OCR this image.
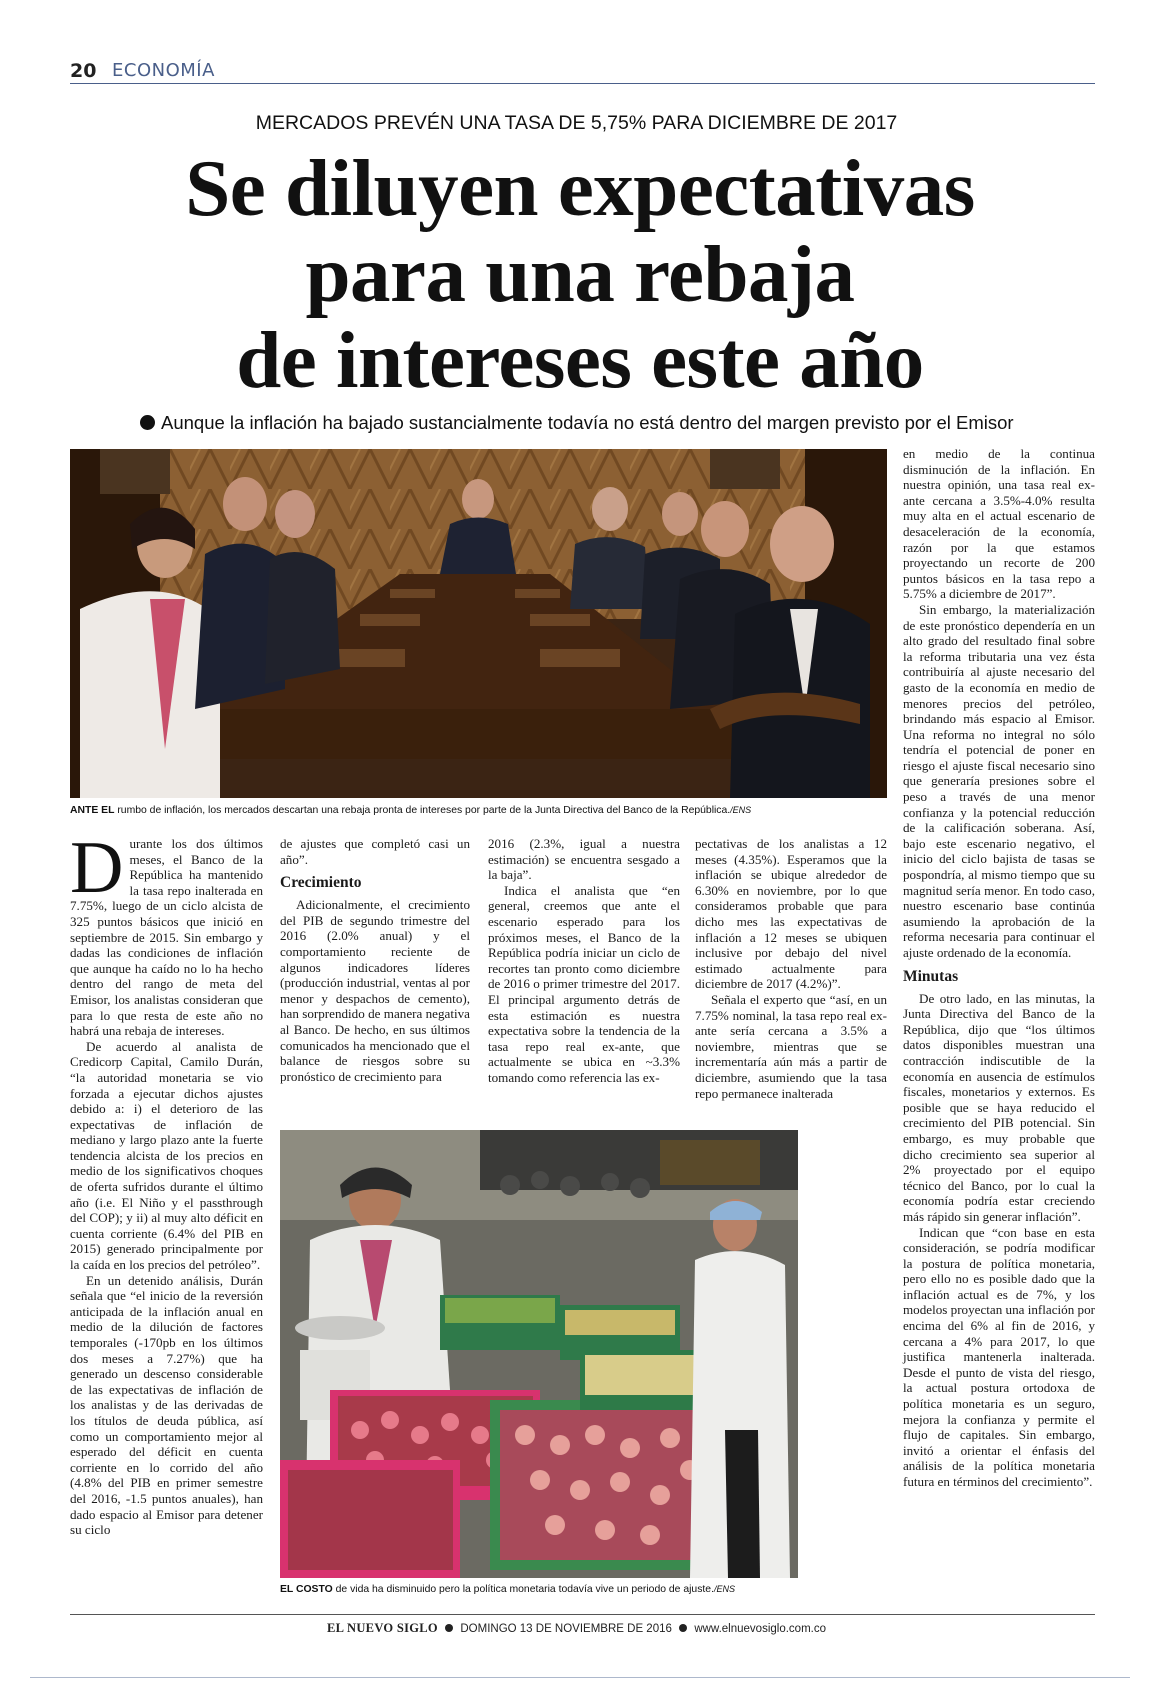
20 ECONOMÍA
MERCADOS PREVÉN UNA TASA DE 5,75% PARA DICIEMBRE DE 2017
Se diluyen expectativas
para una rebaja
de intereses este año
Aunque la inflación ha bajado sustancialmente todavía no está dentro del margen previsto por el Emisor
ANTE EL rumbo de inflación, los mercados descartan una rebaja pronta de intereses por parte de la Junta Directiva del Banco de la República./ENS

Durante los dos últimos meses, el Banco de la República ha mantenido la tasa repo inalterada en 7.75%, luego de un ciclo alcista de 325 puntos básicos que inició en septiembre de 2015. Sin embargo y dadas las condiciones de inflación que aunque ha caído no lo ha hecho dentro del rango de meta del Emisor, los analistas consideran que para lo que resta de este año no habrá una rebaja de intereses.

De acuerdo al analista de Credicorp Capital, Camilo Durán, “la autoridad monetaria se vio forzada a ejecutar dichos ajustes debido a: i) el deterioro de las expectativas de inflación de mediano y largo plazo ante la fuerte tendencia alcista de los precios en medio de los significativos choques de oferta sufridos durante el último año (i.e. El Niño y el passthrough del COP); y ii) al muy alto déficit en cuenta corriente (6.4% del PIB en 2015) generado principalmente por la caída en los precios del petróleo”.

En un detenido análisis, Durán señala que “el inicio de la reversión anticipada de la inflación anual en medio de la dilución de factores temporales (-170pb en los últimos dos meses a 7.27%) que ha generado un descenso considerable de las expectativas de inflación de los analistas y de las derivadas de los títulos de deuda pública, así como un comportamiento mejor al esperado del déficit en cuenta corriente en lo corrido del año (4.8% del PIB en primer semestre del 2016, -1.5 puntos anuales), han dado espacio al Emisor para detener su ciclo

de ajustes que completó casi un año”.

Crecimiento

Adicionalmente, el crecimiento del PIB de segundo trimestre del 2016 (2.0% anual) y el comportamiento reciente de algunos indicadores líderes (producción industrial, ventas al por menor y despachos de cemento), han sorprendido de manera negativa al Banco. De hecho, en sus últimos comunicados ha mencionado que el balance de riesgos sobre su pronóstico de crecimiento para

2016 (2.3%, igual a nuestra estimación) se encuentra sesgado a la baja”.

Indica el analista que “en general, creemos que ante el escenario esperado para los próximos meses, el Banco de la República podría iniciar un ciclo de recortes tan pronto como diciembre de 2016 o primer trimestre del 2017. El principal argumento detrás de esta estimación es nuestra expectativa sobre la tendencia de la tasa repo real ex-ante, que actualmente se ubica en ~3.3% tomando como referencia las ex-

pectativas de los analistas a 12 meses (4.35%). Esperamos que la inflación se ubique alrededor de 6.30% en noviembre, por lo que consideramos probable que para dicho mes las expectativas de inflación a 12 meses se ubiquen inclusive por debajo del nivel estimado actualmente para diciembre de 2017 (4.2%)”.

Señala el experto que “así, en un 7.75% nominal, la tasa repo real ex-ante sería cercana a 3.5% a noviembre, mientras que se incrementaría aún más a partir de diciembre, asumiendo que la tasa repo permanece inalterada

en medio de la continua disminución de la inflación. En nuestra opinión, una tasa real ex-ante cercana a 3.5%-4.0% resulta muy alta en el actual escenario de desaceleración de la economía, razón por la que estamos proyectando un recorte de 200 puntos básicos en la tasa repo a 5.75% a diciembre de 2017”.

Sin embargo, la materialización de este pronóstico dependería en un alto grado del resultado final sobre la reforma tributaria una vez ésta contribuiría al ajuste necesario del gasto de la economía en medio de menores precios del petróleo, brindando más espacio al Emisor. Una reforma no integral no sólo tendría el potencial de poner en riesgo el ajuste fiscal necesario sino que generaría presiones sobre el peso a través de una menor confianza y la potencial reducción de la calificación soberana. Así, bajo este escenario negativo, el inicio del ciclo bajista de tasas se pospondría, al mismo tiempo que su magnitud sería menor. En todo caso, nuestro escenario base continúa asumiendo la aprobación de la reforma necesaria para continuar el ajuste ordenado de la economía.

Minutas

De otro lado, en las minutas, la Junta Directiva del Banco de la República, dijo que “los últimos datos disponibles muestran una contracción indiscutible de la economía en ausencia de estímulos fiscales, monetarios y externos. Es posible que se haya reducido el crecimiento del PIB potencial. Sin embargo, es muy probable que dicho crecimiento sea superior al 2% proyectado por el equipo técnico del Banco, por lo cual la economía podría estar creciendo más rápido sin generar inflación”.

Indican que “con base en esta consideración, se podría modificar la postura de política monetaria, pero ello no es posible dado que la inflación actual es de 7%, y los modelos proyectan una inflación por encima del 6% al fin de 2016, y cercana a 4% para 2017, lo que justifica mantenerla inalterada. Desde el punto de vista del riesgo, la actual postura ortodoxa de política monetaria es un seguro, mejora la confianza y permite el flujo de capitales. Sin embargo, invitó a orientar el énfasis del análisis de la política monetaria futura en términos del crecimiento”.

EL COSTO de vida ha disminuido pero la política monetaria todavía vive un periodo de ajuste./ENS
EL NUEVO SIGLO DOMINGO 13 DE NOVIEMBRE DE 2016 www.elnuevosiglo.com.co
